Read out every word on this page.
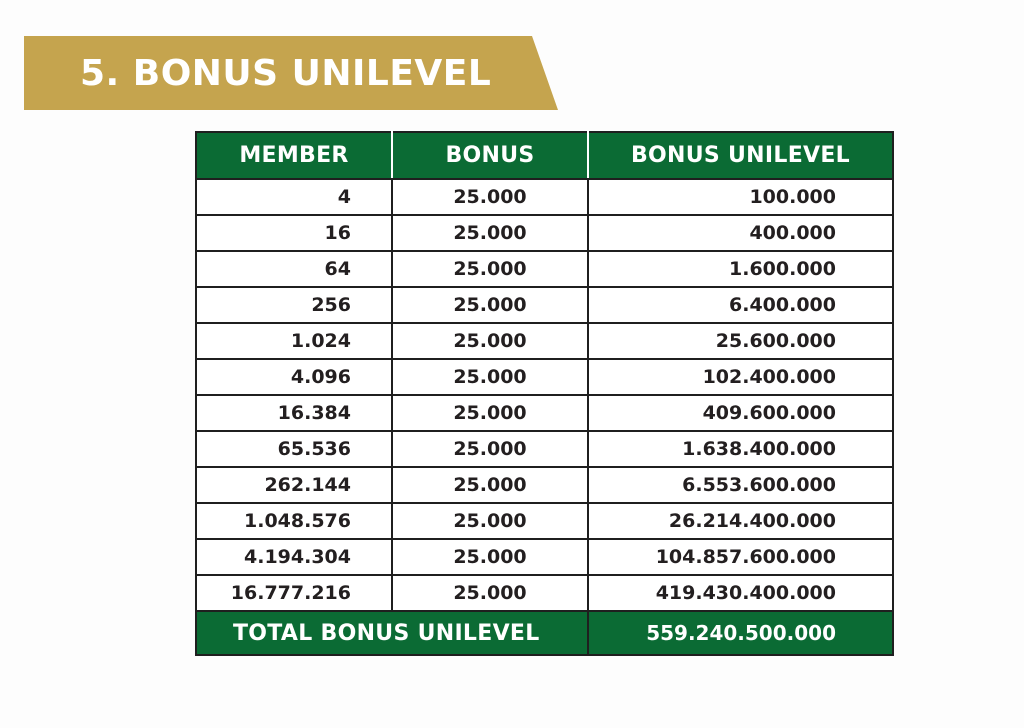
5. BONUS UNILEVEL
MEMBER	BONUS	BONUS UNILEVEL
4	25.000	100.000
16	25.000	400.000
64	25.000	1.600.000
256	25.000	6.400.000
1.024	25.000	25.600.000
4.096	25.000	102.400.000
16.384	25.000	409.600.000
65.536	25.000	1.638.400.000
262.144	25.000	6.553.600.000
1.048.576	25.000	26.214.400.000
4.194.304	25.000	104.857.600.000
16.777.216	25.000	419.430.400.000
TOTAL BONUS UNILEVEL		559.240.500.000
